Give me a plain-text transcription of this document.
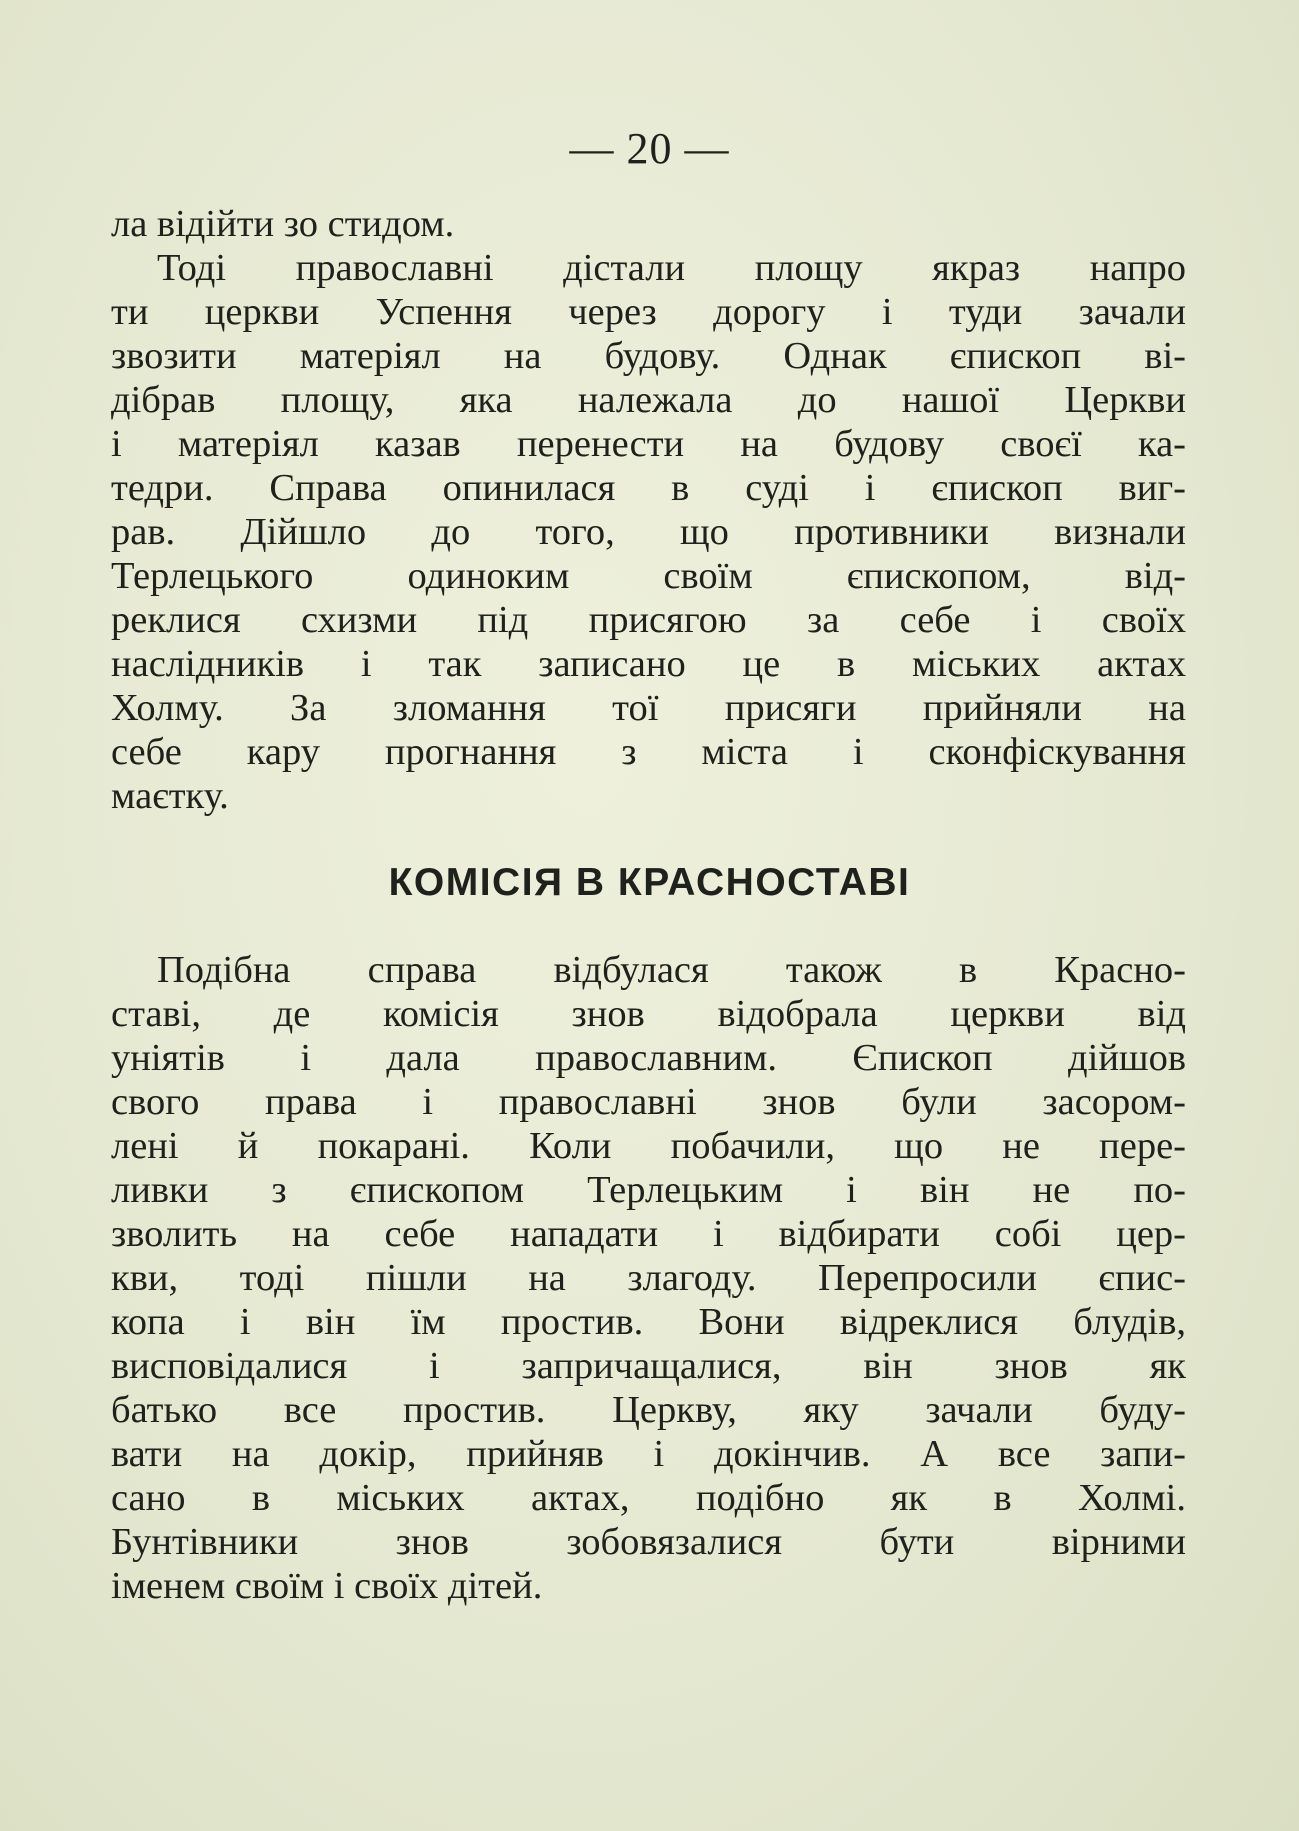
— 20 —
ла відійти зо стидом.
Тоді православні дістали площу якраз напро
ти церкви Успення через дорогу і туди зачали
звозити матеріял на будову. Однак єпископ ві-
дібрав площу, яка належала до нашої Церкви
і матеріял казав перенести на будову своєї ка-
тедри. Справа опинилася в суді і єпископ виг-
рав. Дійшло до того, що противники визнали
Терлецького одиноким своїм єпископом, від-
реклися схизми під присягою за себе і своїх
наслідників і так записано це в міських актах
Холму. За зломання тої присяги прийняли на
себе кару прогнання з міста і сконфіскування
маєтку.
КОМІСІЯ В КРАСНОСТАВІ
Подібна справа відбулася також в Красно-
ставі, де комісія знов відобрала церкви від
уніятів і дала православним. Єпископ дійшов
свого права і православні знов були засором-
лені й покарані. Коли побачили, що не пере-
ливки з єпископом Терлецьким і він не по-
зволить на себе нападати і відбирати собі цер-
кви, тоді пішли на злагоду. Перепросили єпис-
копа і він їм простив. Вони відреклися блудів,
висповідалися і запричащалися, він знов як
батько все простив. Церкву, яку зачали буду-
вати на докір, прийняв і докінчив. А все запи-
сано в міських актах, подібно як в Холмі.
Бунтівники знов зобовязалися бути вірними
іменем своїм і своїх дітей.
